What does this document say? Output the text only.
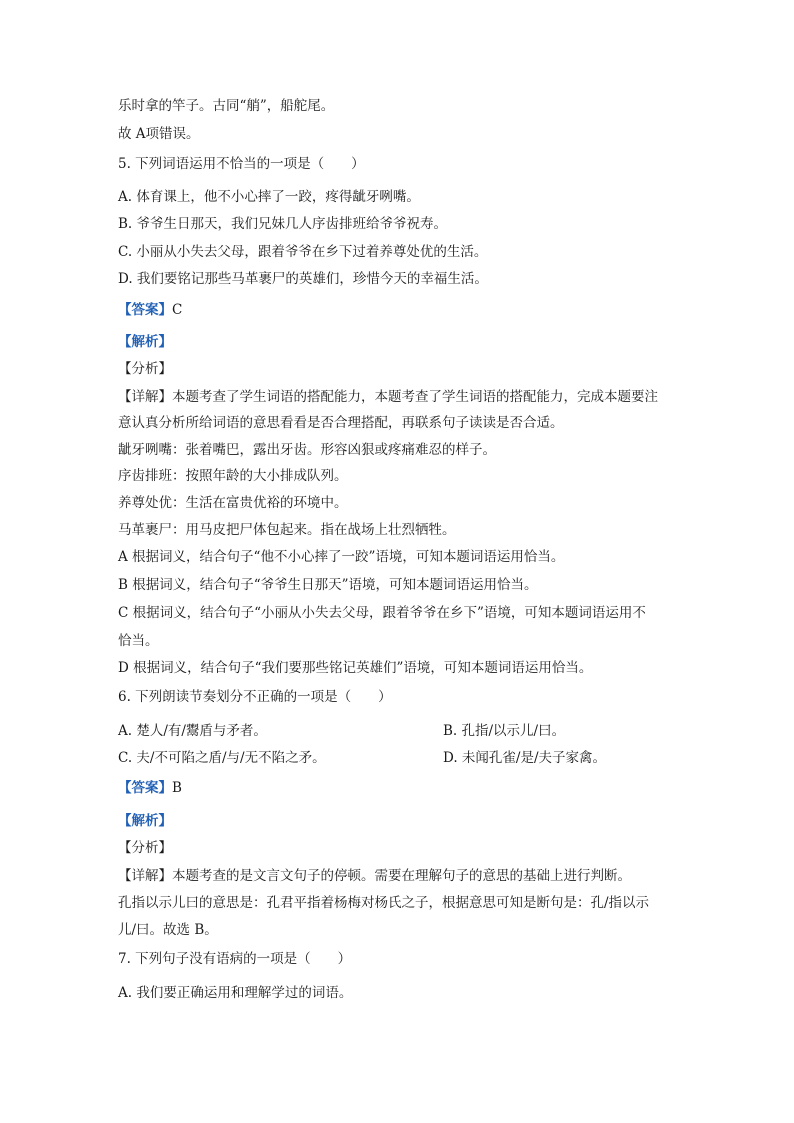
乐时拿的竿子。古同“艄”，船舵尾。
故 A项错误。
5. 下列词语运用不恰当的一项是（　　）
A. 体育课上，他不小心摔了一跤，疼得龇牙咧嘴。
B. 爷爷生日那天，我们兄妹几人序齿排班给爷爷祝寿。
C. 小丽从小失去父母，跟着爷爷在乡下过着养尊处优的生活。
D. 我们要铭记那些马革裹尸的英雄们，珍惜今天的幸福生活。
【答案】C
【解析】
【分析】
【详解】本题考查了学生词语的搭配能力，本题考查了学生词语的搭配能力，完成本题要注
意认真分析所给词语的意思看看是否合理搭配，再联系句子读读是否合适。
龇牙咧嘴：张着嘴巴，露出牙齿。形容凶狠或疼痛难忍的样子。
序齿排班：按照年龄的大小排成队列。
养尊处优：生活在富贵优裕的环境中。
马革裹尸：用马皮把尸体包起来。指在战场上壮烈牺牲。
A 根据词义，结合句子“他不小心摔了一跤”语境，可知本题词语运用恰当。
B 根据词义，结合句子“爷爷生日那天”语境，可知本题词语运用恰当。
C 根据词义，结合句子“小丽从小失去父母，跟着爷爷在乡下”语境，可知本题词语运用不
恰当。
D 根据词义，结合句子“我们要那些铭记英雄们”语境，可知本题词语运用恰当。
6. 下列朗读节奏划分不正确的一项是（　　）
A. 楚人/有/鬻盾与矛者。	B. 孔指/以示儿/曰。
C. 夫/不可陷之盾/与/无不陷之矛。	D. 未闻孔雀/是/夫子家禽。
【答案】B
【解析】
【分析】
【详解】本题考查的是文言文句子的停顿。需要在理解句子的意思的基础上进行判断。
孔指以示儿曰的意思是：孔君平指着杨梅对杨氏之子，根据意思可知是断句是：孔/指以示
儿/曰。故选 B。
7. 下列句子没有语病的一项是（　　）
A. 我们要正确运用和理解学过的词语。
